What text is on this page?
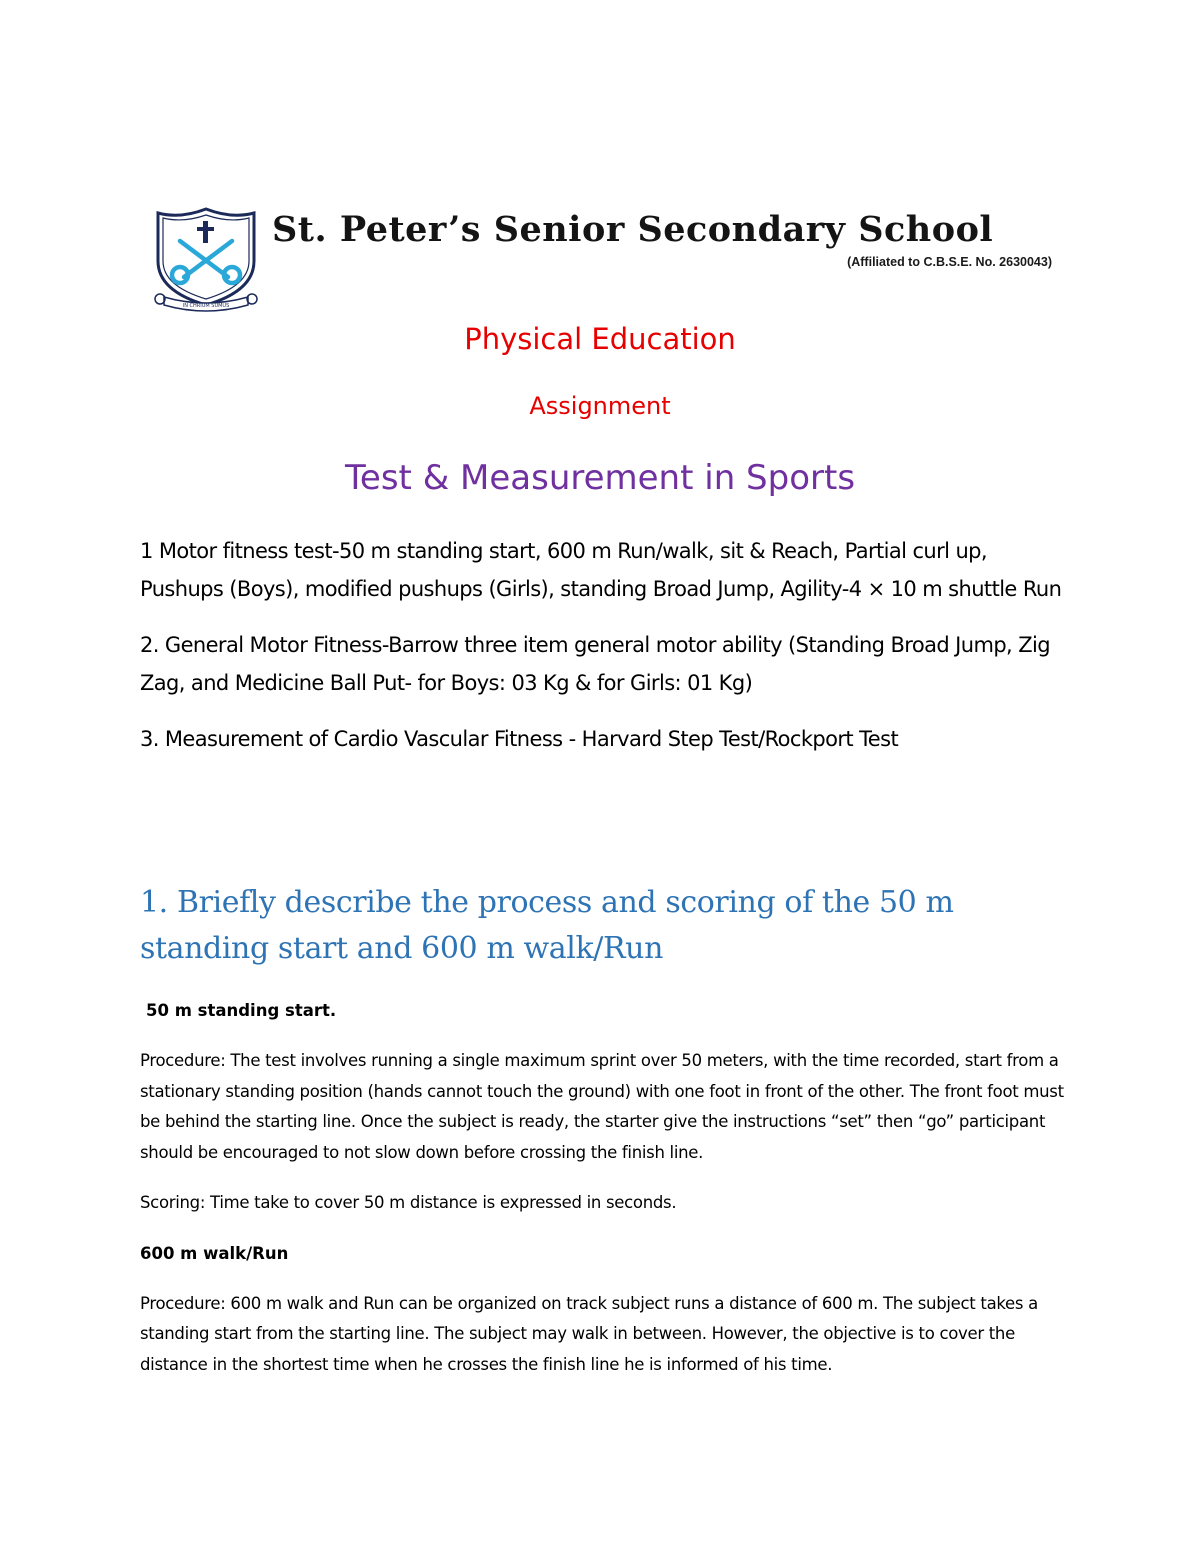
IN CHRIUM SUMUS
St. Peter’s Senior Secondary School
(Affiliated to C.B.S.E. No. 2630043)
Physical Education
Assignment
Test & Measurement in Sports

1 Motor fitness test-50 m standing start, 600 m Run/walk, sit & Reach, Partial curl up, Pushups (Boys), modified pushups (Girls), standing Broad Jump, Agility-4 × 10 m shuttle Run

2. General Motor Fitness-Barrow three item general motor ability (Standing Broad Jump, Zig Zag, and Medicine Ball Put- for Boys: 03 Kg & for Girls: 01 Kg)

3. Measurement of Cardio Vascular Fitness - Harvard Step Test/Rockport Test

1. Briefly describe the process and scoring of the 50 m standing start and 600 m walk/Run
50 m standing start.

Procedure: The test involves running a single maximum sprint over 50 meters, with the time recorded, start from a stationary standing position (hands cannot touch the ground) with one foot in front of the other. The front foot must be behind the starting line. Once the subject is ready, the starter give the instructions “set” then “go” participant should be encouraged to not slow down before crossing the finish line.

Scoring: Time take to cover 50 m distance is expressed in seconds.

600 m walk/Run

Procedure: 600 m walk and Run can be organized on track subject runs a distance of 600 m. The subject takes a standing start from the starting line. The subject may walk in between. However, the objective is to cover the distance in the shortest time when he crosses the finish line he is informed of his time.
